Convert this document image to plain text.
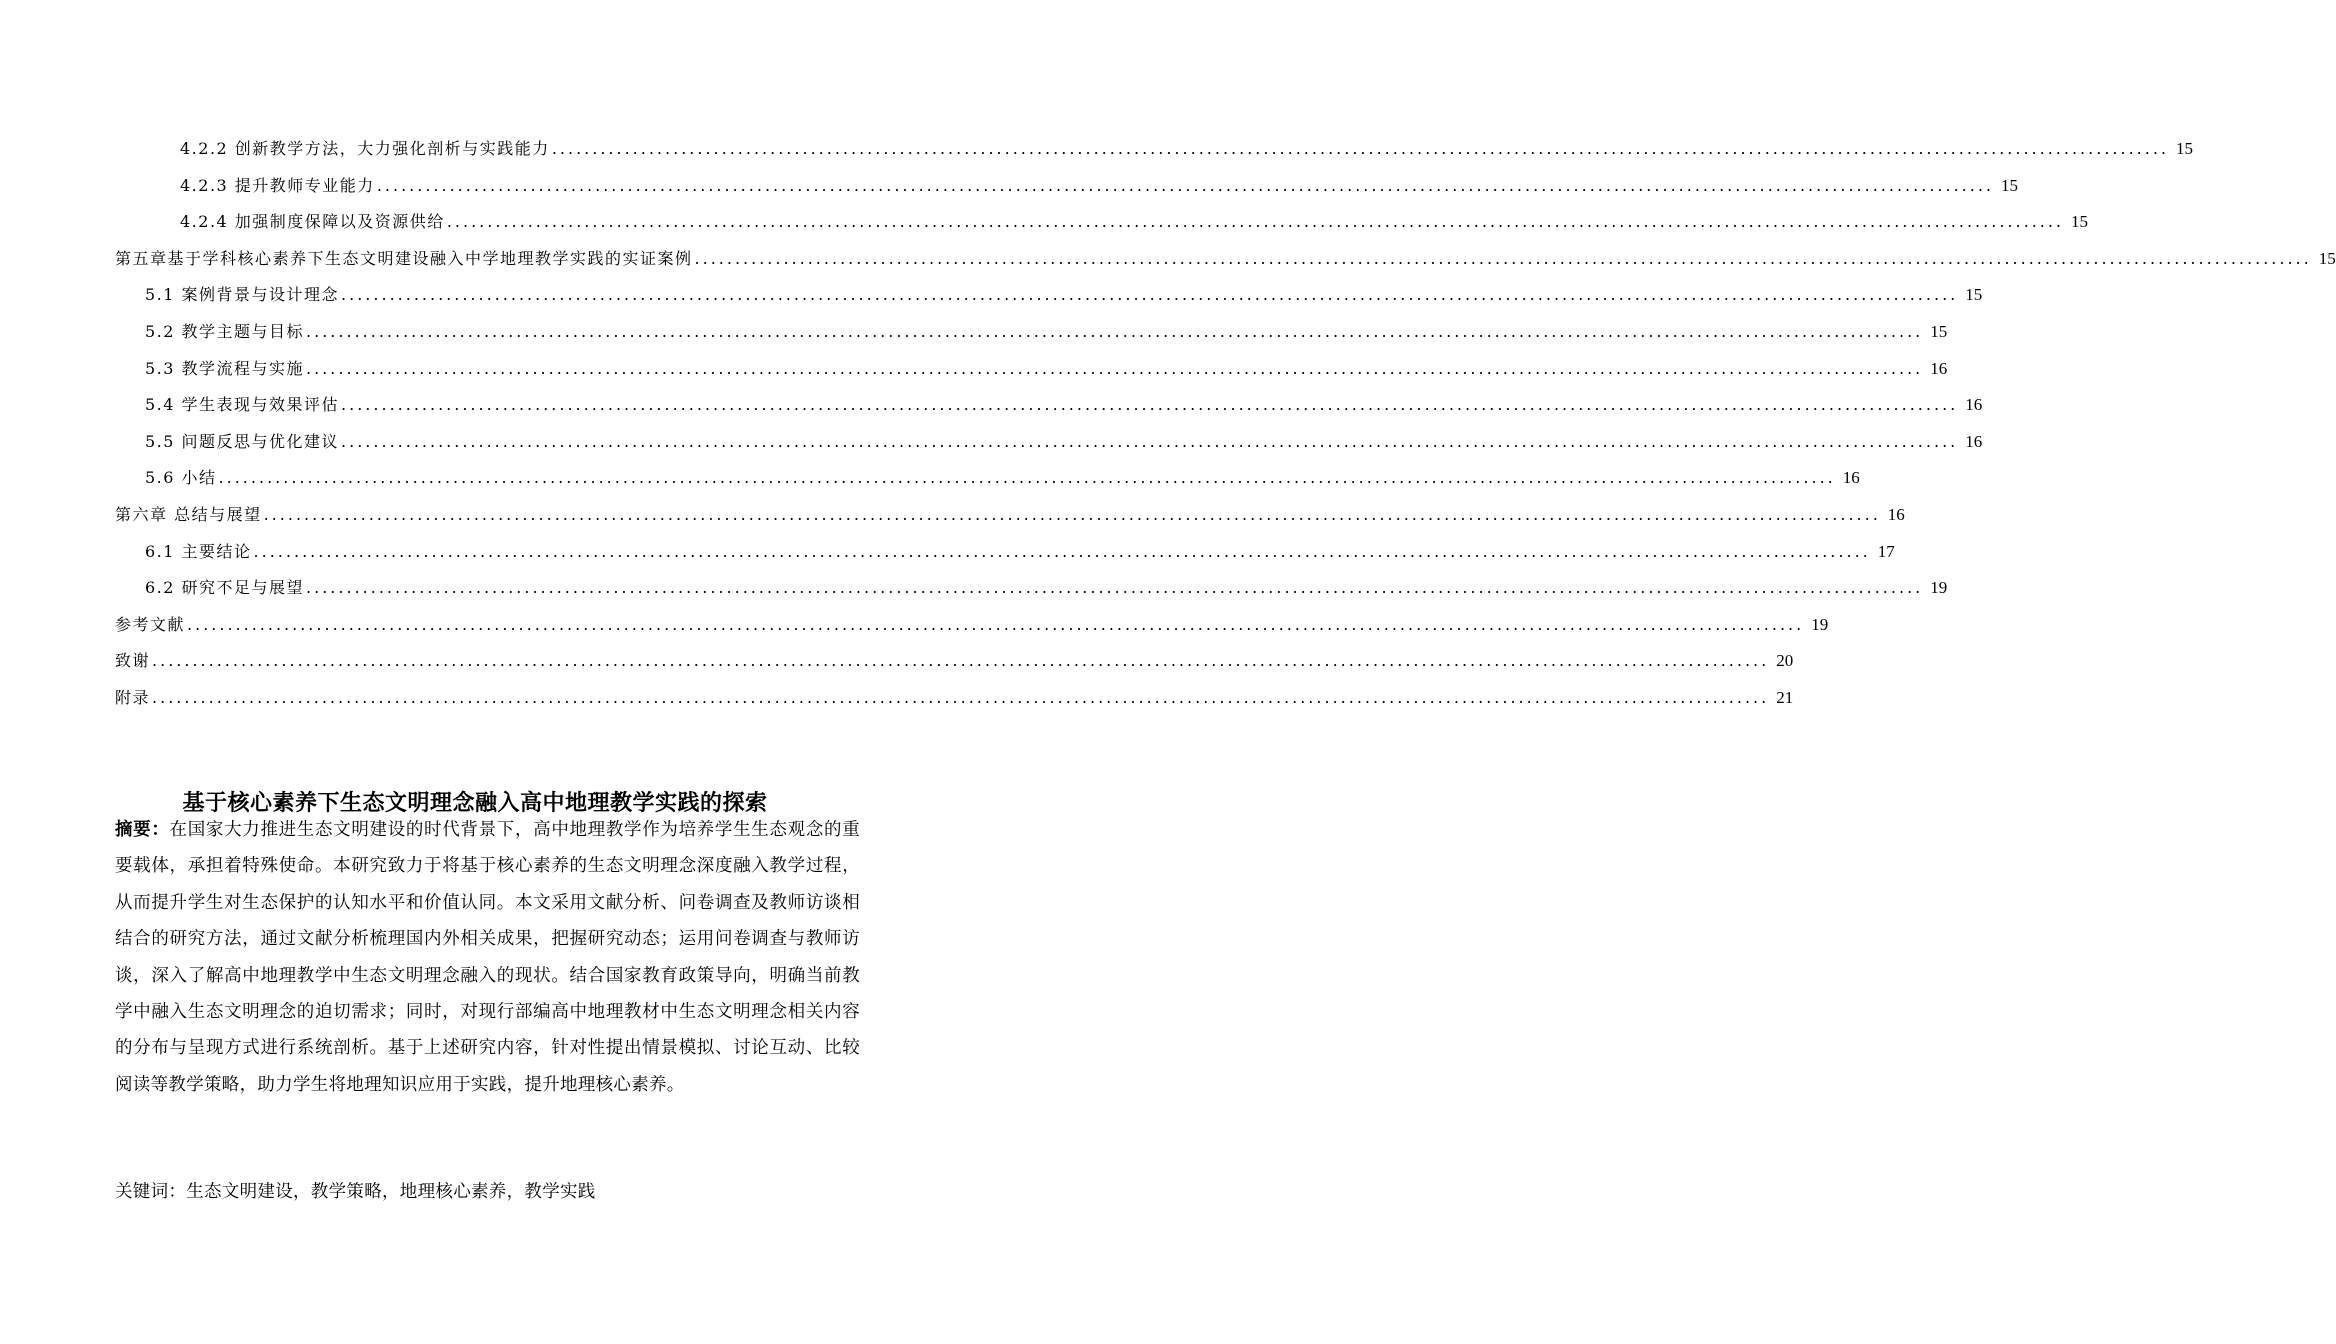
4.2.2 创新教学方法，大力强化剖析与实践能力 ........................................................................................................................................................................................................ 15
4.2.3 提升教师专业能力 ........................................................................................................................................................................................................ 15
4.2.4 加强制度保障以及资源供给 ........................................................................................................................................................................................................ 15
第五章基于学科核心素养下生态文明建设融入中学地理教学实践的实证案例 ........................................................................................................................................................................................................ 15
5.1 案例背景与设计理念 ........................................................................................................................................................................................................ 15
5.2 教学主题与目标 ........................................................................................................................................................................................................ 15
5.3 教学流程与实施 ........................................................................................................................................................................................................ 16
5.4 学生表现与效果评估 ........................................................................................................................................................................................................ 16
5.5 问题反思与优化建议 ........................................................................................................................................................................................................ 16
5.6 小结 ........................................................................................................................................................................................................ 16
第六章 总结与展望 ........................................................................................................................................................................................................ 16
6.1 主要结论 ........................................................................................................................................................................................................ 17
6.2 研究不足与展望 ........................................................................................................................................................................................................ 19
参考文献 ........................................................................................................................................................................................................ 19
致谢 ........................................................................................................................................................................................................ 20
附录 ........................................................................................................................................................................................................ 21
基于核心素养下生态文明理念融入高中地理教学实践的探索
摘要：在国家大力推进生态文明建设的时代背景下，高中地理教学作为培养学生生态观念的重要载体，承担着特殊使命。本研究致力于将基于核心素养的生态文明理念深度融入教学过程，从而提升学生对生态保护的认知水平和价值认同。本文采用文献分析、问卷调查及教师访谈相结合的研究方法，通过文献分析梳理国内外相关成果，把握研究动态；运用问卷调查与教师访谈，深入了解高中地理教学中生态文明理念融入的现状。结合国家教育政策导向，明确当前教学中融入生态文明理念的迫切需求；同时，对现行部编高中地理教材中生态文明理念相关内容的分布与呈现方式进行系统剖析。基于上述研究内容，针对性提出情景模拟、讨论互动、比较阅读等教学策略，助力学生将地理知识应用于实践，提升地理核心素养。
关键词：生态文明建设，教学策略，地理核心素养，教学实践
